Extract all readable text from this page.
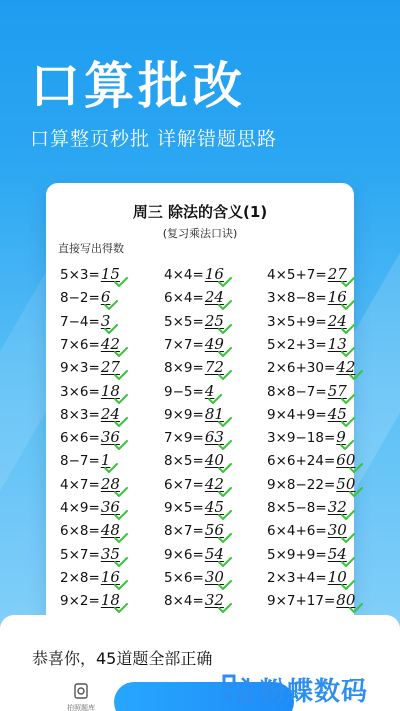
口算批改
口算整页秒批 详解错题思路
周三 除法的含义(1)
(复习乘法口诀)
直接写出得数
5×3= 15
8−2= 6
7−4= 3
7×6= 42
9×3= 27
3×6= 18
8×3= 24
6×6= 36
8−7= 1
4×7= 28
4×9= 36
6×8= 48
5×7= 35
2×8= 16
9×2= 18
4×4= 16
6×4= 24
5×5= 25
7×7= 49
8×9= 72
9−5= 4
9×9= 81
7×9= 63
8×5= 40
6×7= 42
9×5= 45
8×7= 56
9×6= 54
5×6= 30
8×4= 32
4×5+7= 27
3×8−8= 16
3×5+9= 24
5×2+3= 13
2×6+30= 42
8×8−7= 57
9×4+9= 45
3×9−18= 9
6×6+24= 60
9×8−22= 50
8×5−8= 32
6×4+6= 30
5×9+9= 54
2×3+4= 10
9×7+17= 80
恭喜你，45道题全部正确
拍照题库
粉蝶数码
